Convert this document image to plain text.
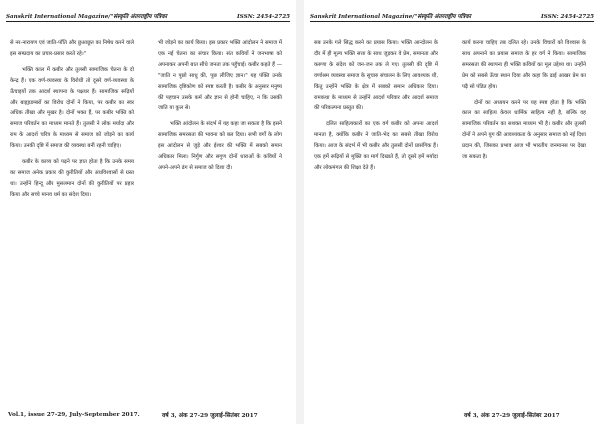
Sanskrit International Magazine/"संस्कृति अंतरराष्ट्रीय पत्रिका	ISSN: 2454-2725

से नर-नारायण एवं जाति-पाँति और छुआछूत का निषेध करने वाले इस सम्प्रदाय का प्रचार-प्रसार करते रहे।"

भक्ति काल में कबीर और तुलसी सामाजिक चेतना के दो केन्द्र हैं। एक वर्ण-व्यवस्था के विरोधी तो दूसरे वर्ण-व्यवस्था के ऊँचाइयों तक आदर्श स्थापना के पक्षधर हैं। सामाजिक रूढ़ियों और बाह्याडम्बरों का विरोध दोनों ने किया, पर कबीर का स्वर अधिक तीखा और मुखर है। दोनों भक्त हैं, पर कबीर भक्ति को समाज परिवर्तन का माध्यम मानते हैं। तुलसी ने लोक मर्यादा और राम के आदर्श चरित्र के माध्यम से समाज को जोड़ने का कार्य किया। उनकी दृष्टि में समाज की व्यवस्था बनी रहनी चाहिए।

कबीर के काव्य को पढ़ने पर ज्ञात होता है कि उनके समय का समाज अनेक प्रकार की कुरीतियों और अंधविश्वासों से ग्रस्त था। उन्होंने हिन्दू और मुसलमान दोनों की कुरीतियों पर प्रहार किया और सच्चे मानव धर्म का संदेश दिया।

भी जोड़ने का कार्य किया। इस प्रकार भक्ति आंदोलन ने समाज में एक नई चेतना का संचार किया। संत कवियों ने जनभाषा को अपनाकर अपनी बात सीधे जनता तक पहुँचाई। कबीर कहते हैं — "जाति न पूछो साधु की, पूछ लीजिए ज्ञान।" यह पंक्ति उनके सामाजिक दृष्टिकोण को स्पष्ट करती है। कबीर के अनुसार मनुष्य की पहचान उसके कर्म और ज्ञान से होनी चाहिए, न कि उसकी जाति या कुल से।

भक्ति आंदोलन के संदर्भ में यह कहा जा सकता है कि इसने सामाजिक समरसता की भावना को बल दिया। सभी वर्गों के लोग इस आंदोलन से जुड़े और ईश्वर की भक्ति में सबको समान अधिकार मिला। निर्गुण और सगुण दोनों धाराओं के कवियों ने अपने-अपने ढंग से समाज को दिशा दी।

Vol.1, issue 27-29, July-September 2017.	वर्ष 3, अंक 27-29 जुलाई-सितंबर 2017
Sanskrit International Magazine/"संस्कृति अंतरराष्ट्रीय पत्रिका	ISSN: 2454-2725

सब उनके गले सिद्ध करने का प्रयास किया। भक्ति आन्दोलन के दौर में ही मूल्य भक्ति सत्ता के साथ जुड़कर वे प्रेम, समानता और करुणा के संदेश को जन-जन तक ले गए। तुलसी की दृष्टि में वर्णाश्रम व्यवस्था समाज के सुचारु संचालन के लिए आवश्यक थी, किंतु उन्होंने भक्ति के क्षेत्र में सबको समान अधिकार दिया। रामकथा के माध्यम से उन्होंने आदर्श परिवार और आदर्श समाज की परिकल्पना प्रस्तुत की।

दलित साहित्यकारों का एक वर्ग कबीर को अपना आदर्श मानता है, क्योंकि कबीर ने जाति-भेद का सबसे तीखा विरोध किया। आज के संदर्भ में भी कबीर और तुलसी दोनों प्रासंगिक हैं। एक हमें रूढ़ियों से मुक्ति का मार्ग दिखाते हैं, तो दूसरे हमें मर्यादा और लोकमंगल की शिक्षा देते हैं।

कार्य करना चाहिए तब दलित रहे। उनके विचारों को विश्वास के साथ अपनाने का प्रयास समाज के हर वर्ग ने किया। सामाजिक समरसता की स्थापना ही भक्ति कवियों का मूल उद्देश्य था। उन्होंने प्रेम को सबसे ऊँचा स्थान दिया और कहा कि ढाई आखर प्रेम का पढ़ै सो पंडित होय।

दोनों का अध्ययन करने पर यह स्पष्ट होता है कि भक्ति काल का साहित्य केवल धार्मिक साहित्य नहीं है, बल्कि वह सामाजिक परिवर्तन का सशक्त माध्यम भी है। कबीर और तुलसी दोनों ने अपने युग की आवश्यकता के अनुसार समाज को नई दिशा प्रदान की, जिसका प्रभाव आज भी भारतीय जनमानस पर देखा जा सकता है।

वर्ष 3, अंक 27-29 जुलाई-सितंबर 2017
